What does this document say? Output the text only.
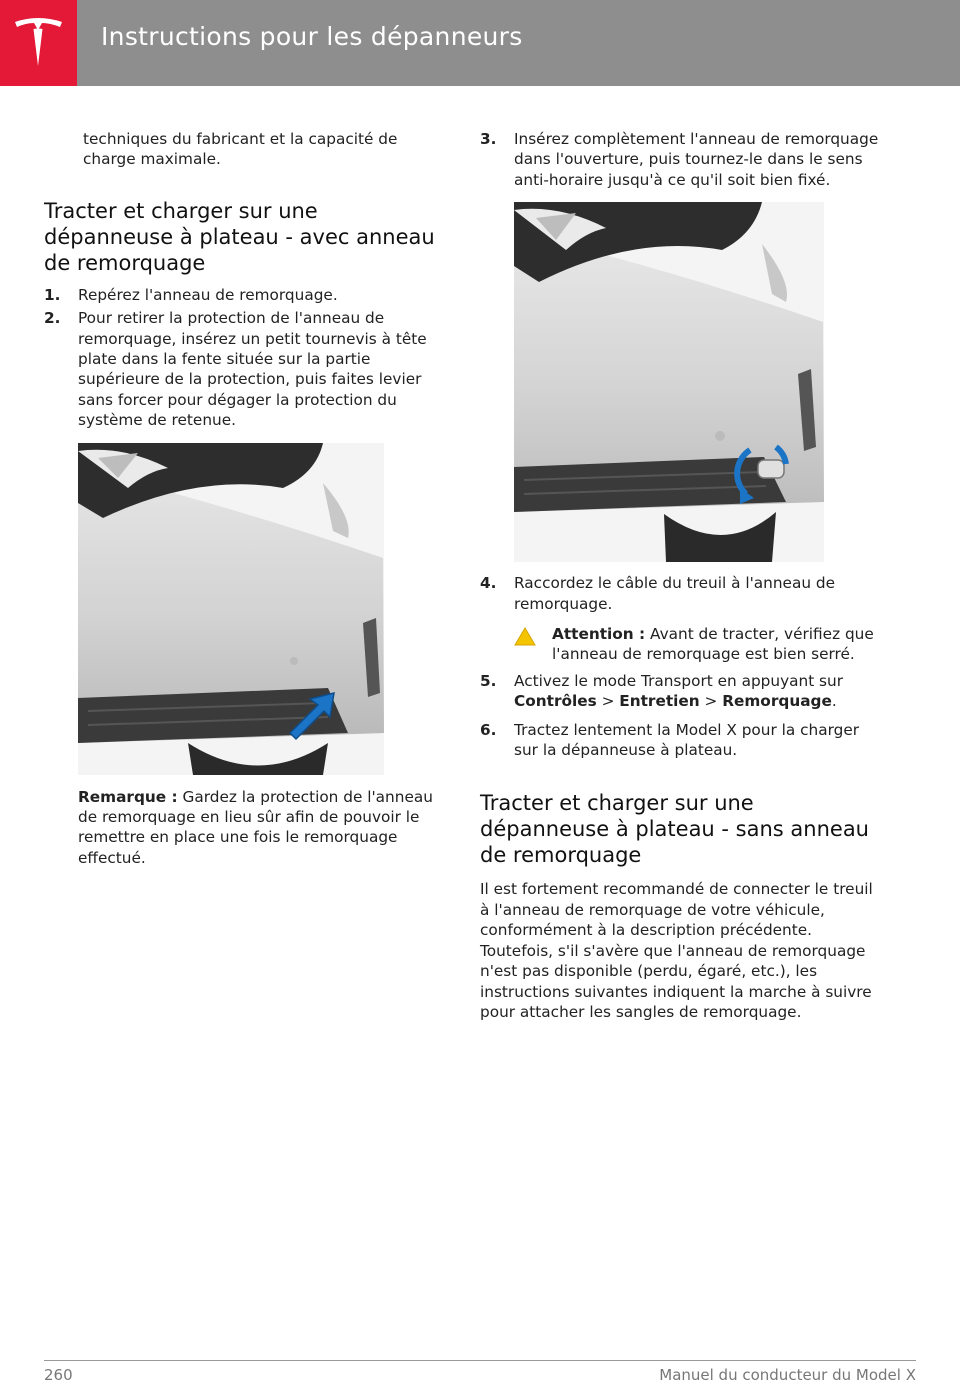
Instructions pour les dépanneurs

techniques du fabricant et la capacité de charge maximale.

Tracter et charger sur une dépanneuse à plateau - avec anneau de remorquage
1. Repérez l'anneau de remorquage.
2. Pour retirer la protection de l'anneau de remorquage, insérez un petit tournevis à tête plate dans la fente située sur la partie supérieure de la protection, puis faites levier sans forcer pour dégager la protection du système de retenue.

Remarque : Gardez la protection de l'anneau de remorquage en lieu sûr afin de pouvoir le remettre en place une fois le remorquage effectué.

3. Insérez complètement l'anneau de remorquage dans l'ouverture, puis tournez-le dans le sens anti-horaire jusqu'à ce qu'il soit bien fixé.
4. Raccordez le câble du treuil à l'anneau de remorquage.
Attention : Avant de tracter, vérifiez que l'anneau de remorquage est bien serré.
5. Activez le mode Transport en appuyant sur Contrôles > Entretien > Remorquage.
6. Tractez lentement la Model X pour la charger sur la dépanneuse à plateau.
Tracter et charger sur une dépanneuse à plateau - sans anneau de remorquage

Il est fortement recommandé de connecter le treuil à l'anneau de remorquage de votre véhicule, conformément à la description précédente. Toutefois, s'il s'avère que l'anneau de remorquage n'est pas disponible (perdu, égaré, etc.), les instructions suivantes indiquent la marche à suivre pour attacher les sangles de remorquage.

260	Manuel du conducteur du Model X
